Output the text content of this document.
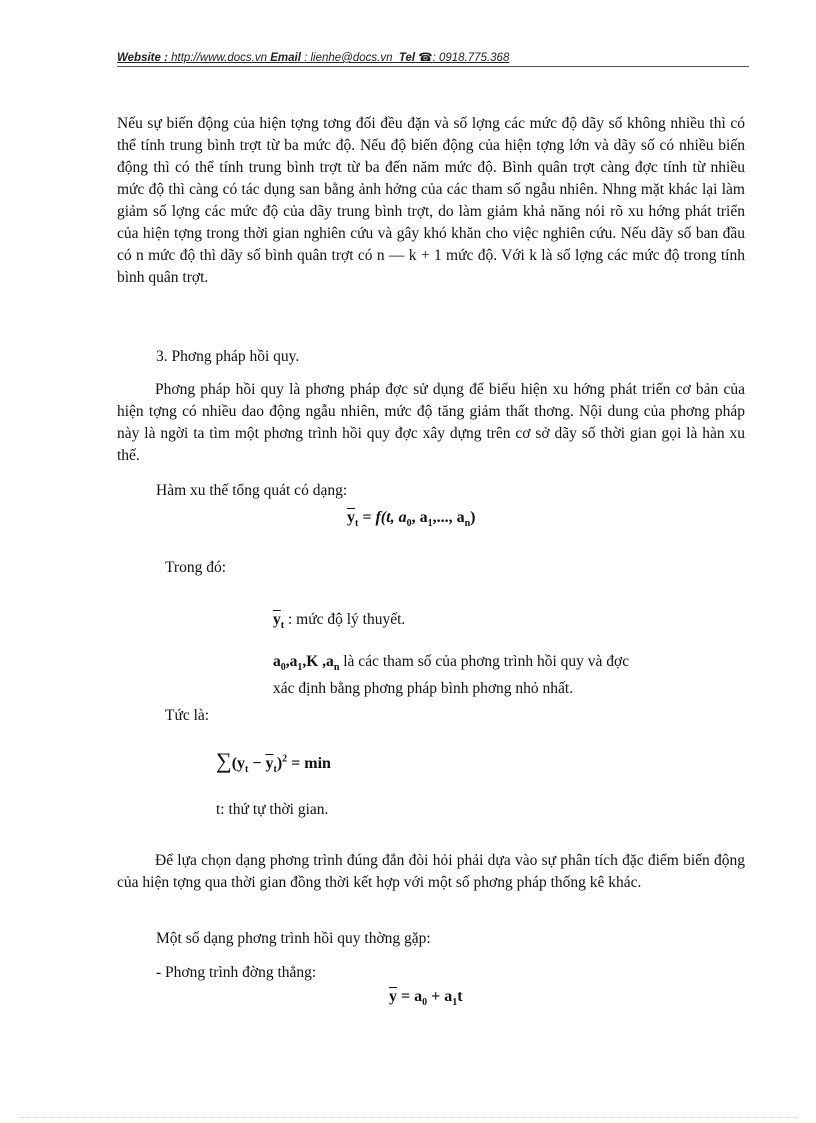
Website : http://www.docs.vn Email : lienhe@docs.vn Tel ☎: 0918.775.368

Nếu sự biến động của hiện tợng tơng đối đều đặn và số lợng các mức độ dãy số không nhiều thì có thể tính trung bình trợt từ ba mức độ. Nếu độ biến động của hiện tợng lớn và dãy số có nhiều biến động thì có thể tính trung bình trợt từ ba đến năm mức độ. Bình quân trợt càng đợc tính từ nhiều mức độ thì càng có tác dụng san bằng ảnh hởng của các tham số ngẫu nhiên. Nhng mặt khác lại làm giảm số lợng các mức độ của dãy trung bình trợt, do làm giảm khả năng nói rõ xu hớng phát triển của hiện tợng trong thời gian nghiên cứu và gây khó khăn cho việc nghiên cứu. Nếu dãy số ban đầu có n mức độ thì dãy số bình quân trợt có n — k + 1 mức độ. Với k là số lợng các mức độ trong tính bình quân trợt.

3. Phơng pháp hồi quy.

Phơng pháp hồi quy là phơng pháp đợc sử dụng để biểu hiện xu hớng phát triển cơ bản của hiện tợng có nhiều dao động ngẫu nhiên, mức độ tăng giảm thất thơng. Nội dung của phơng pháp này là ngời ta tìm một phơng trình hồi quy đợc xây dựng trên cơ sở dãy số thời gian gọi là hàn xu thế.

Hàm xu thế tổng quát có dạng:

$\overline{y}_t = f(t$, $a_0$, $a_1$,..., $a_n$)

Trong đó:

$\overline{y}_t$ : mức độ lý thuyết.
$a_0,a_1,K$ $,a_n$ là các tham số của phơng trình hồi quy và đợc

xác định bằng phơng pháp bình phơng nhỏ nhất.

Tức là:

$\sum(y_t - \overline{y}_t)^2 = \min$

t: thứ tự thời gian.

Để lựa chọn dạng phơng trình đúng đắn đòi hỏi phải dựa vào sự phân tích đặc điểm biến động của hiện tợng qua thời gian đồng thời kết hợp với một số phơng pháp thống kê khác.

Một số dạng phơng trình hồi quy thờng gặp:

- Phơng trình đờng thẳng:

$\overline{y} = a_0 + a_1t$
